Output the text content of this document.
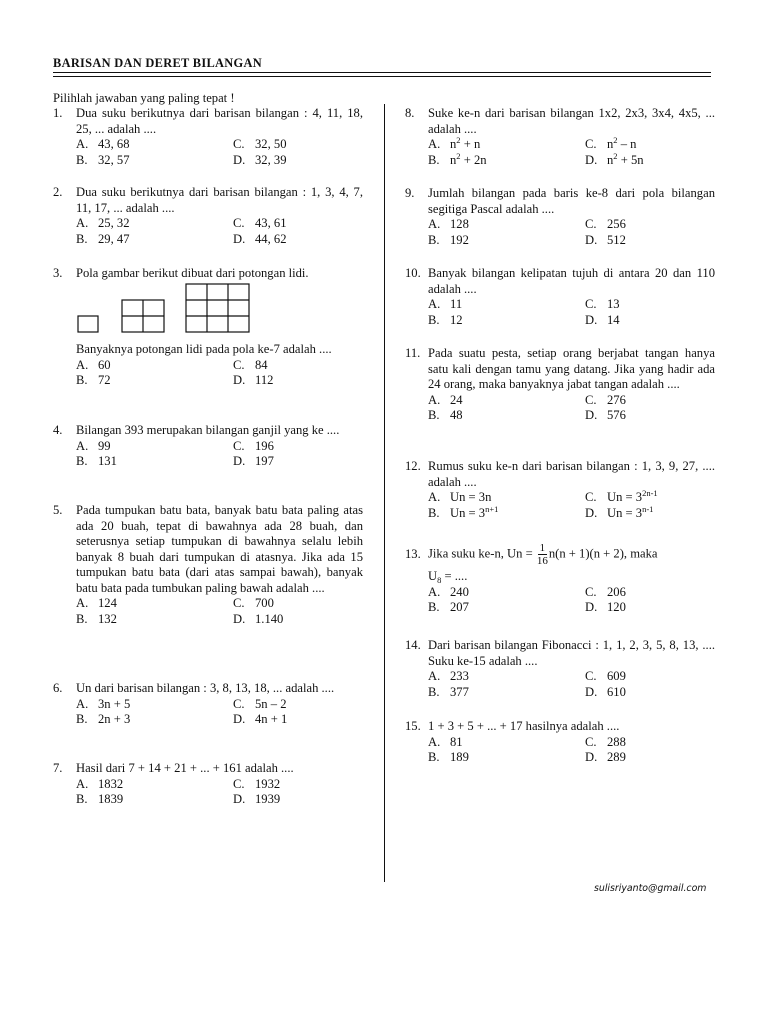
BARISAN DAN DERET BILANGAN
Pilihlah jawaban yang paling tepat !
1.	Dua suku berikutnya dari barisan bilangan : 4, 11, 18, 25, ... adalah ....
A. 43, 68	C. 32, 50
B. 32, 57	D. 32, 39
2.	Dua suku berikutnya dari barisan bilangan : 1, 3, 4, 7, 11, 17, ... adalah ....
A. 25, 32	C. 43, 61
B. 29, 47	D. 44, 62
3.	Pola gambar berikut dibuat dari potongan lidi.
Banyaknya potongan lidi pada pola ke-7 adalah ....
A. 60	C. 84
B. 72	D. 112
4.	Bilangan 393 merupakan bilangan ganjil yang ke ....
A. 99	C. 196
B. 131	D. 197
5.	Pada tumpukan batu bata, banyak batu bata paling atas ada 20 buah, tepat di bawahnya ada 28 buah, dan seterusnya setiap tumpukan di bawahnya selalu lebih banyak 8 buah dari tumpukan di atasnya. Jika ada 15 tumpukan batu bata (dari atas sampai bawah), banyak batu bata pada tumbukan paling bawah adalah ....
A. 124	C. 700
B. 132	D. 1.140
6.	Un dari barisan bilangan : 3, 8, 13, 18, ... adalah ....
A. 3n + 5	C. 5n – 2
B. 2n + 3	D. 4n + 1
7.	Hasil dari 7 + 14 + 21 + ... + 161 adalah ....
A. 1832	C. 1932
B. 1839	D. 1939
8.	Suke ke-n dari barisan bilangan 1x2, 2x3, 3x4, 4x5, ... adalah ....
A. $n^2 + n$	C. $n^2$ – n
B. $n^2 + 2n$	D. $n^2 + 5n$
9.	Jumlah bilangan pada baris ke-8 dari pola bilangan segitiga Pascal adalah ....
A. 128	C. 256
B. 192	D. 512
10. Banyak bilangan kelipatan tujuh di antara 20 dan 110 adalah ....
A. 11	C. 13
B. 12	D. 14
11. Pada suatu pesta, setiap orang berjabat tangan hanya satu kali dengan tamu yang datang. Jika yang hadir ada 24 orang, maka banyaknya jabat tangan adalah ....
A. 24	C. 276
B. 48	D. 576
12. Rumus suku ke-n dari barisan bilangan : 1, 3, 9, 27, .... adalah ....
A. Un = 3n	C. $Un = 3^{2n-1}$
B. $Un = 3^{n+1}$	D. $Un = 3^{n-1}$
13. Jika suku ke-n, $Un = \frac{1}{16} n(n + 1)(n + 2)$, maka
$U_8$ = ....
A. 240	C. 206
B. 207	D. 120
14. Dari barisan bilangan Fibonacci : 1, 1, 2, 3, 5, 8, 13, .... Suku ke-15 adalah ....
A. 233	C. 609
B. 377	D. 610
15. 1 + 3 + 5 + ... + 17 hasilnya adalah ....
A. 81	C. 288
B. 189	D. 289
sulisriyanto@gmail.com
